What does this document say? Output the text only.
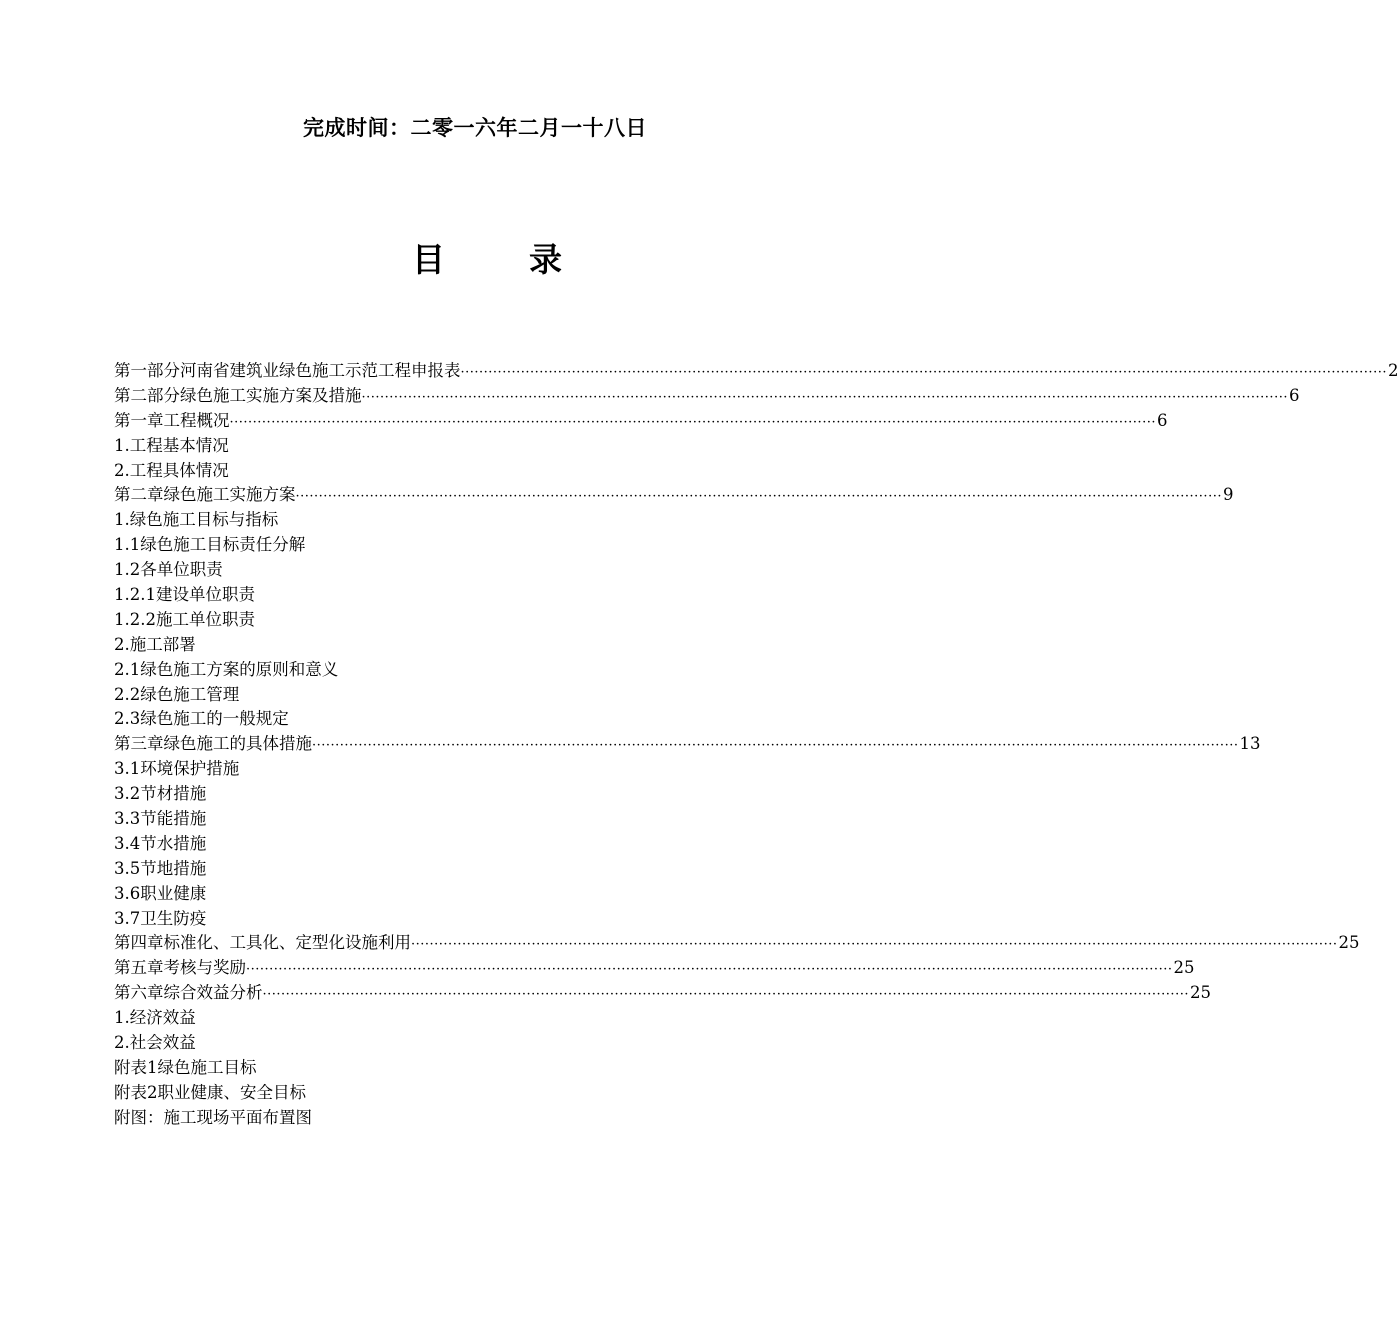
完成时间：二零一六年二月一十八日
目	录
第一部分河南省建筑业绿色施工示范工程申报表 ········································································································································································································ 2
第二部分绿色施工实施方案及措施 ········································································································································································································ 6
第一章工程概况 ········································································································································································································ 6
1.工程基本情况
2.工程具体情况
第二章绿色施工实施方案 ········································································································································································································ 9
1.绿色施工目标与指标
1.1绿色施工目标责任分解
1.2各单位职责
1.2.1建设单位职责
1.2.2施工单位职责
2.施工部署
2.1绿色施工方案的原则和意义
2.2绿色施工管理
2.3绿色施工的一般规定
第三章绿色施工的具体措施 ········································································································································································································ 13
3.1环境保护措施
3.2节材措施
3.3节能措施
3.4节水措施
3.5节地措施
3.6职业健康
3.7卫生防疫
第四章标准化、工具化、定型化设施利用 ········································································································································································································ 25
第五章考核与奖励 ········································································································································································································ 25
第六章综合效益分析 ········································································································································································································ 25
1.经济效益
2.社会效益
附表1绿色施工目标
附表2职业健康、安全目标
附图：施工现场平面布置图
